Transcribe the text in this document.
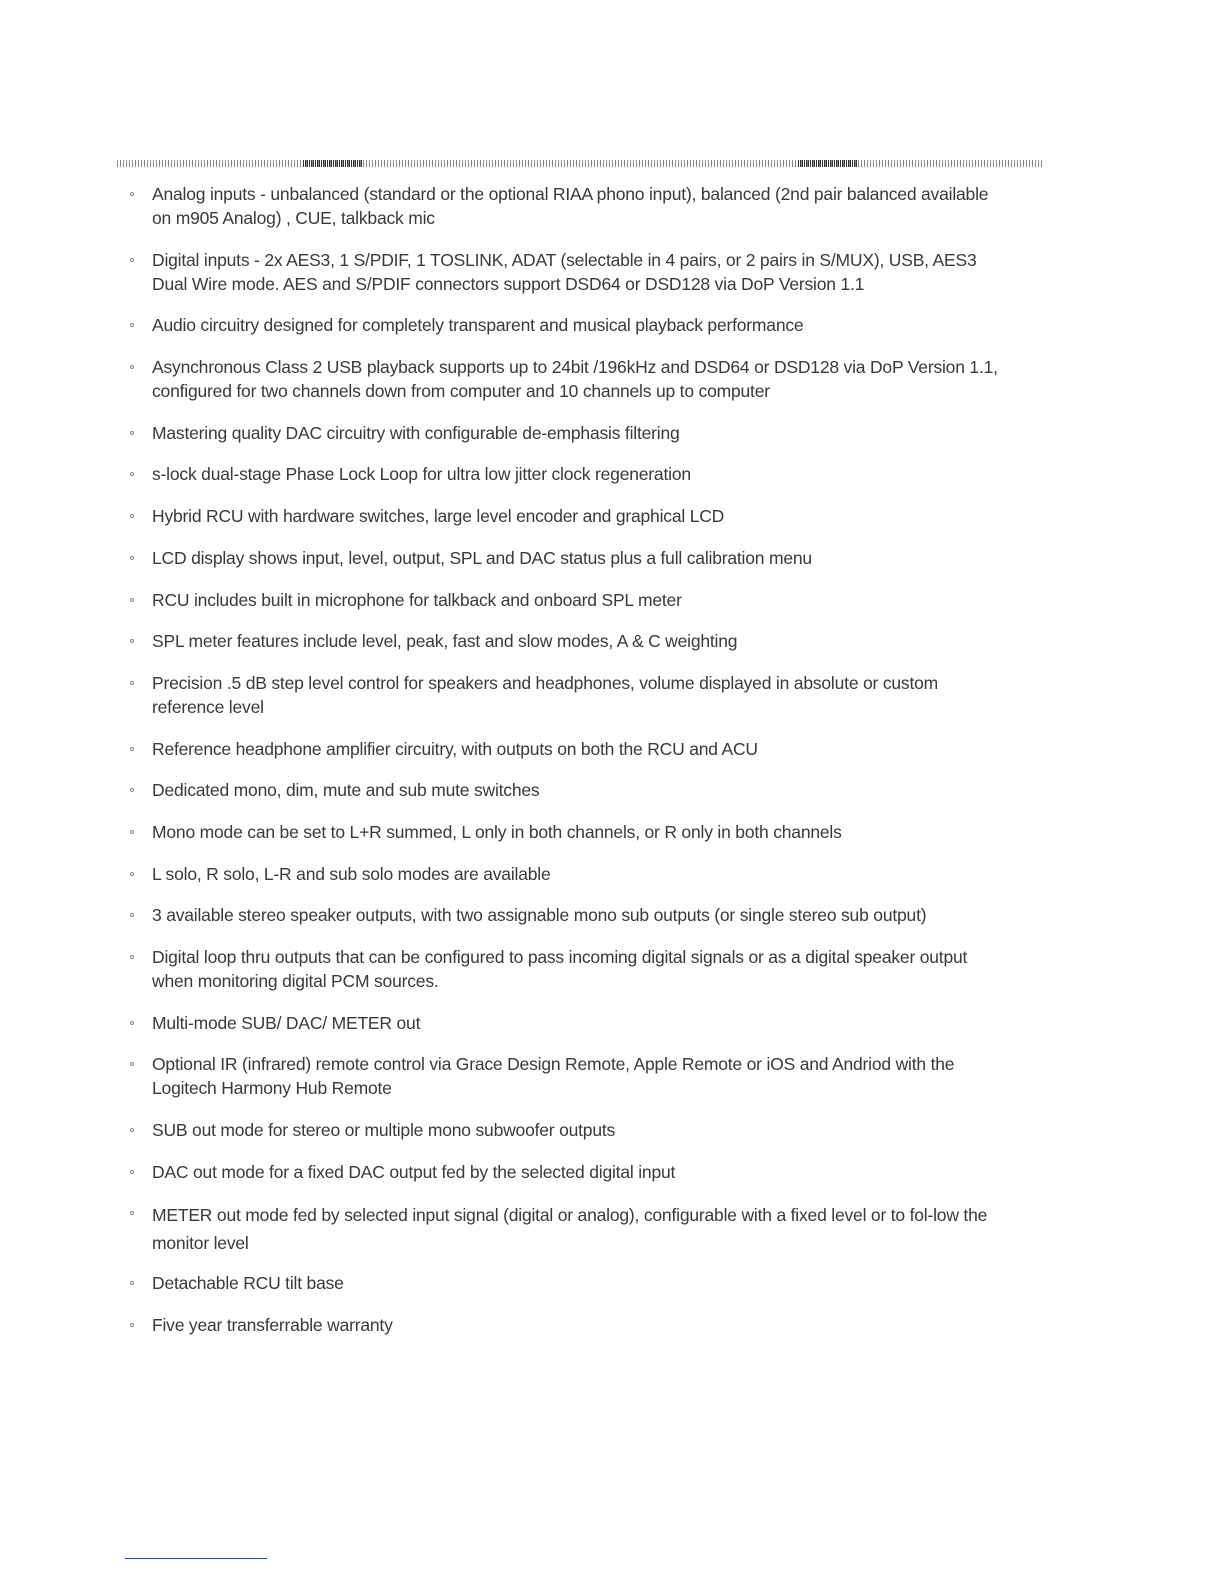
Analog inputs - unbalanced (standard or the optional RIAA phono input), balanced (2nd pair balanced available on m905 Analog) , CUE, talkback mic
Digital inputs - 2x AES3, 1 S/PDIF, 1 TOSLINK, ADAT (selectable in 4 pairs, or 2 pairs in S/MUX), USB, AES3 Dual Wire mode. AES and S/PDIF connectors support DSD64 or DSD128 via DoP Version 1.1
Audio circuitry designed for completely transparent and musical playback performance
Asynchronous Class 2 USB playback supports up to 24bit /196kHz and DSD64 or DSD128 via DoP Version 1.1, configured for two channels down from computer and 10 channels up to computer
Mastering quality DAC circuitry with configurable de-emphasis filtering
s-lock dual-stage Phase Lock Loop for ultra low jitter clock regeneration
Hybrid RCU with hardware switches, large level encoder and graphical LCD
LCD display shows input, level, output, SPL and DAC status plus a full calibration menu
RCU includes built in microphone for talkback and onboard SPL meter
SPL meter features include level, peak, fast and slow modes, A & C weighting
Precision .5 dB step level control for speakers and headphones, volume displayed in absolute or custom reference level
Reference headphone amplifier circuitry, with outputs on both the RCU and ACU
Dedicated mono, dim, mute and sub mute switches
Mono mode can be set to L+R summed, L only in both channels, or R only in both channels
L solo, R solo, L-R and sub solo modes are available
3 available stereo speaker outputs, with two assignable mono sub outputs (or single stereo sub output)
Digital loop thru outputs that can be configured to pass incoming digital signals or as a digital speaker output when monitoring digital PCM sources.
Multi-mode SUB/ DAC/ METER out
Optional IR (infrared) remote control via Grace Design Remote, Apple Remote or iOS and Andriod with the Logitech Harmony Hub Remote
SUB out mode for stereo or multiple mono subwoofer outputs
DAC out mode for a fixed DAC output fed by the selected digital input
METER out mode fed by selected input signal (digital or analog), configurable with a fixed level or to fol-low the monitor level
Detachable RCU tilt base
Five year transferrable warranty
